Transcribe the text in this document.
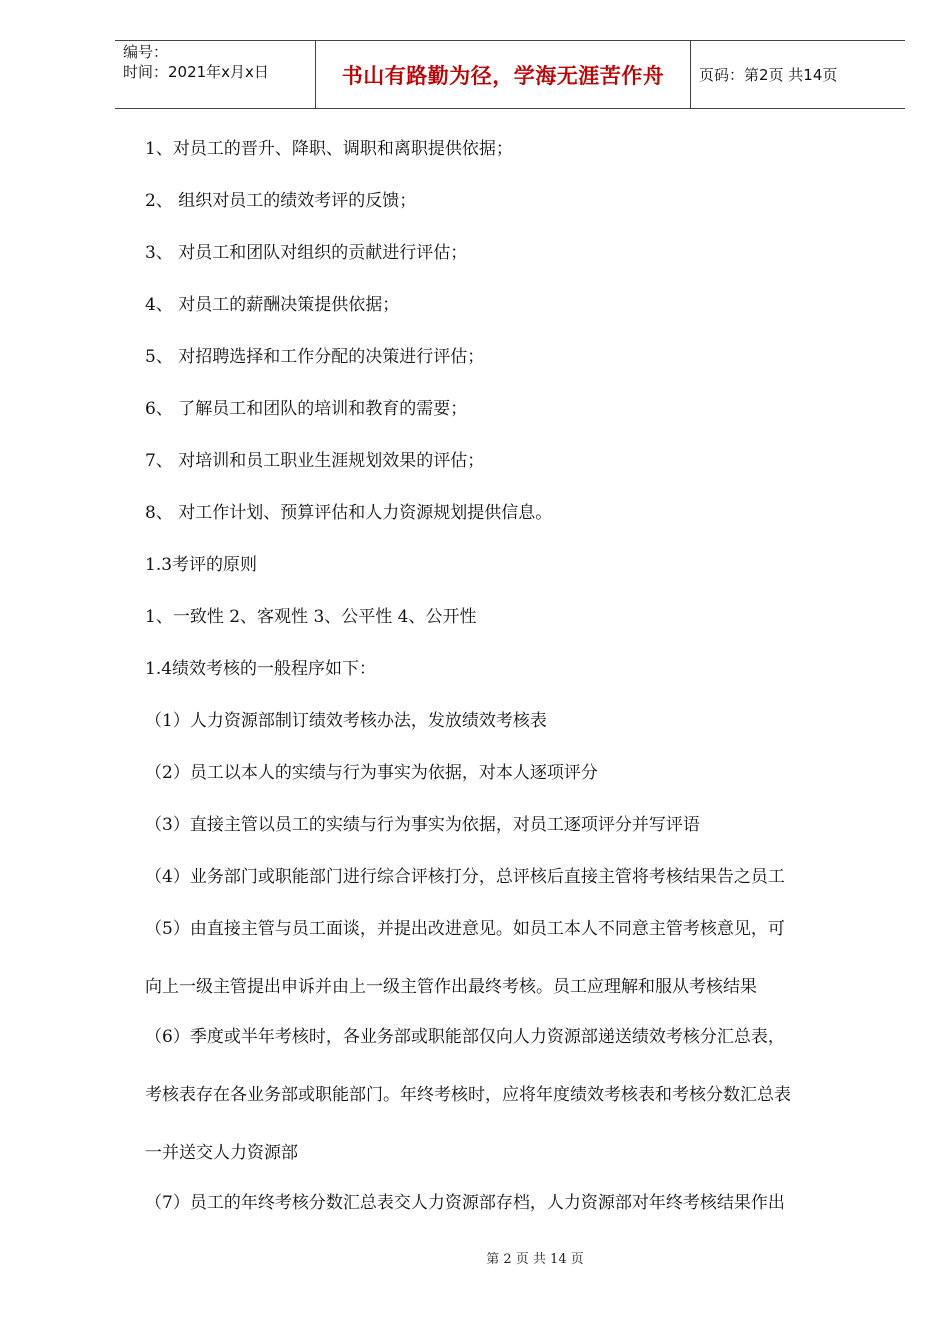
编号：
时间：2021年x月x日	书山有路勤为径，学海无涯苦作舟 页码：第2页 共14页
1、对员工的晋升、降职、调职和离职提供依据；
2、 组织对员工的绩效考评的反馈；
3、 对员工和团队对组织的贡献进行评估；
4、 对员工的薪酬决策提供依据；
5、 对招聘选择和工作分配的决策进行评估；
6、 了解员工和团队的培训和教育的需要；
7、 对培训和员工职业生涯规划效果的评估；
8、 对工作计划、预算评估和人力资源规划提供信息。
1.3考评的原则
1、一致性 2、客观性 3、公平性 4、公开性
1.4绩效考核的一般程序如下：
（1）人力资源部制订绩效考核办法，发放绩效考核表
（2）员工以本人的实绩与行为事实为依据，对本人逐项评分
（3）直接主管以员工的实绩与行为事实为依据，对员工逐项评分并写评语
（4）业务部门或职能部门进行综合评核打分，总评核后直接主管将考核结果告之员工
（5）由直接主管与员工面谈，并提出改进意见。如员工本人不同意主管考核意见，可
向上一级主管提出申诉并由上一级主管作出最终考核。员工应理解和服从考核结果
（6）季度或半年考核时，各业务部或职能部仅向人力资源部递送绩效考核分汇总表，
考核表存在各业务部或职能部门。年终考核时，应将年度绩效考核表和考核分数汇总表
一并送交人力资源部
（7）员工的年终考核分数汇总表交人力资源部存档，人力资源部对年终考核结果作出
第 2 页 共 14 页
